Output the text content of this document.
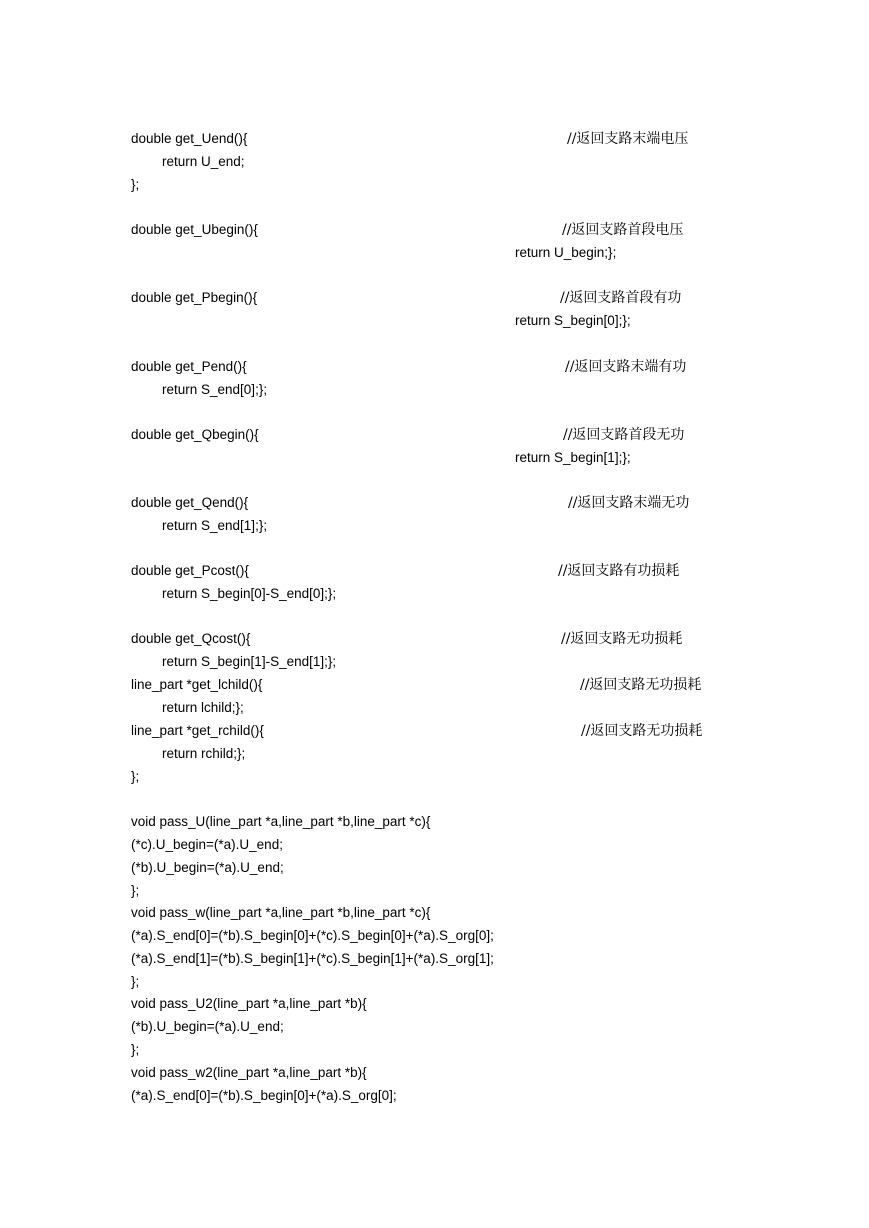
double get_Uend(){	//返回支路末端电压
return U_end;
};
double get_Ubegin(){	//返回支路首段电压
return U_begin;};
double get_Pbegin(){	//返回支路首段有功
return S_begin[0];};
double get_Pend(){	//返回支路末端有功
return S_end[0];};
double get_Qbegin(){	//返回支路首段无功
return S_begin[1];};
double get_Qend(){	//返回支路末端无功
return S_end[1];};
double get_Pcost(){	//返回支路有功损耗
return S_begin[0]-S_end[0];};
double get_Qcost(){	//返回支路无功损耗
return S_begin[1]-S_end[1];};
line_part *get_lchild(){	//返回支路无功损耗
return lchild;};
line_part *get_rchild(){	//返回支路无功损耗
return rchild;};
};
void pass_U(line_part *a,line_part *b,line_part *c){
(*c).U_begin=(*a).U_end;
(*b).U_begin=(*a).U_end;
};
void pass_w(line_part *a,line_part *b,line_part *c){
(*a).S_end[0]=(*b).S_begin[0]+(*c).S_begin[0]+(*a).S_org[0];
(*a).S_end[1]=(*b).S_begin[1]+(*c).S_begin[1]+(*a).S_org[1];
};
void pass_U2(line_part *a,line_part *b){
(*b).U_begin=(*a).U_end;
};
void pass_w2(line_part *a,line_part *b){
(*a).S_end[0]=(*b).S_begin[0]+(*a).S_org[0];
